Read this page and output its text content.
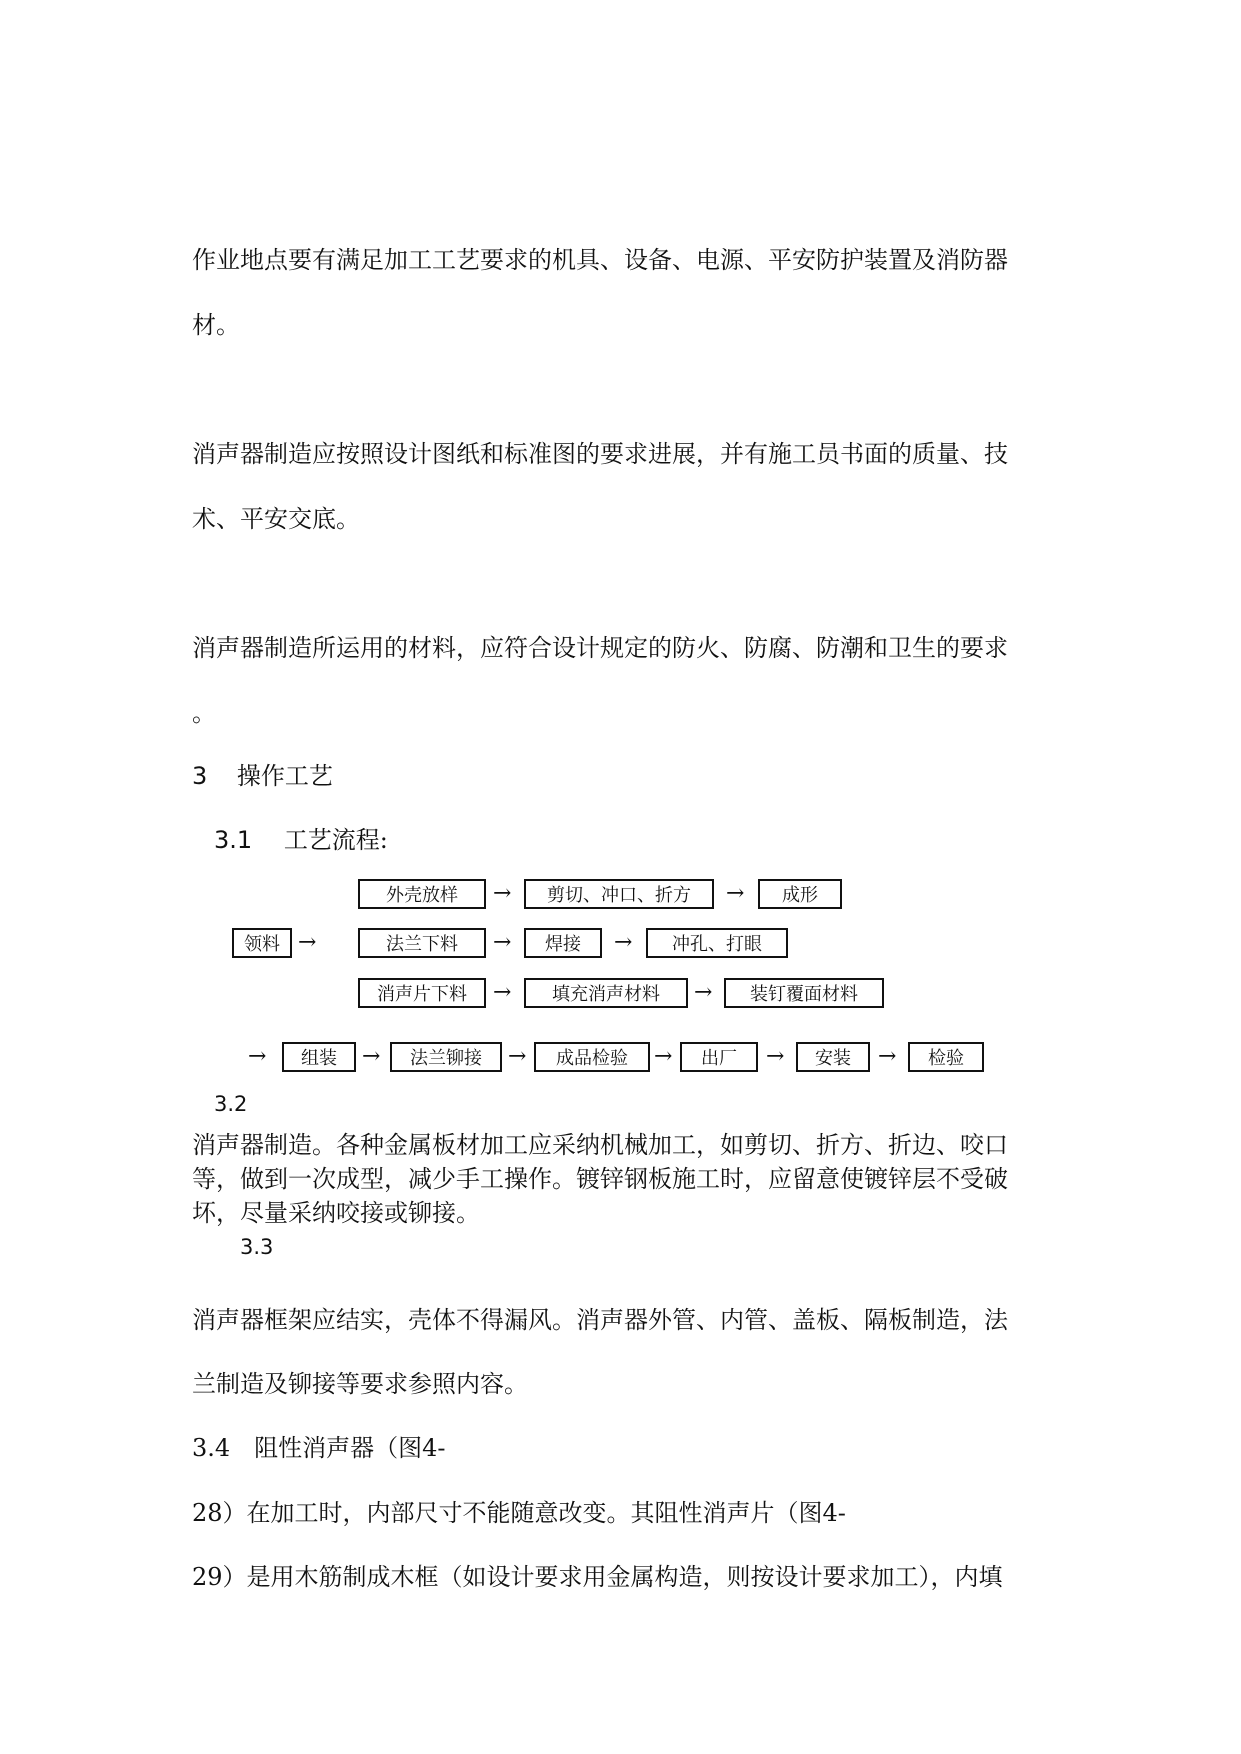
作业地点要有满足加工工艺要求的机具、设备、电源、平安防护装置及消防器
材。
消声器制造应按照设计图纸和标准图的要求进展，并有施工员书面的质量、技
术、平安交底。
消声器制造所运用的材料，应符合设计规定的防火、防腐、防潮和卫生的要求
。
3 操作工艺
3.1 工艺流程:
外壳放样	→	剪切、冲口、折方	→	成形
领料 →	法兰下料	→	焊接	→	冲孔、打眼
消声片下料	→	填充消声材料	→	装钉覆面材料
→	组装	→	法兰铆接	→	成品检验	→	出厂	→	安装	→	检验
3.2
消声器制造。各种金属板材加工应采纳机械加工，如剪切、折方、折边、咬口
等，做到一次成型，减少手工操作。镀锌钢板施工时，应留意使镀锌层不受破
坏，尽量采纳咬接或铆接。
3.3
消声器框架应结实，壳体不得漏风。消声器外管、内管、盖板、隔板制造，法
兰制造及铆接等要求参照内容。
3.4　阻性消声器（图4-
28）在加工时，内部尺寸不能随意改变。其阻性消声片（图4-
29）是用木筋制成木框（如设计要求用金属构造，则按设计要求加工），内填
